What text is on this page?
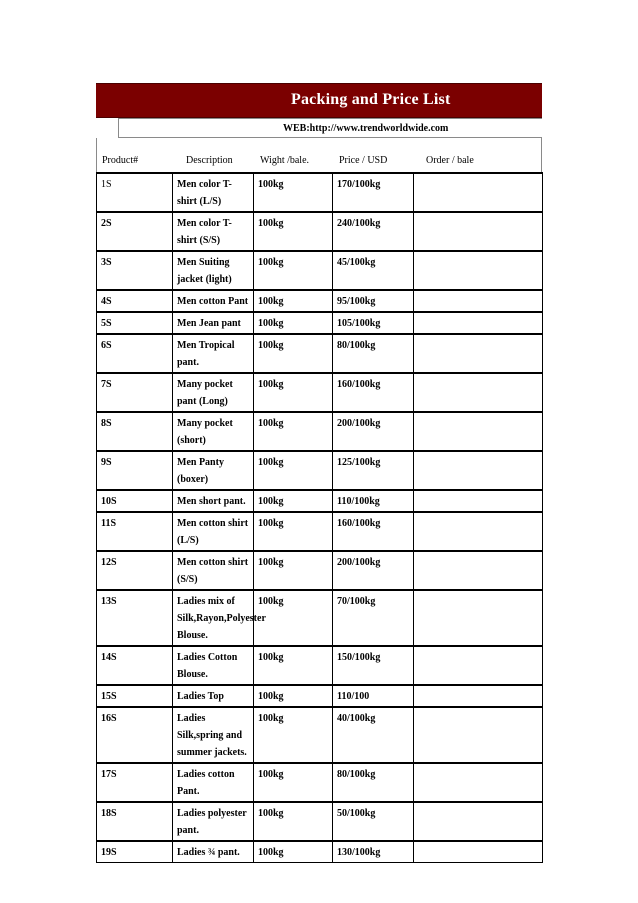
Packing and Price List
WEB:http://www.trendworldwide.com
Product#	Description	Wight /bale.	Price / USD	Order / bale
1S	Men color T-shirt (L/S)	100kg	170/100kg	
2S	Men color T-shirt (S/S)	100kg	240/100kg	
3S	Men Suiting jacket (light)	100kg	45/100kg	
4S	Men cotton Pant	100kg	95/100kg	
5S	Men Jean pant	100kg	105/100kg	
6S	Men Tropical pant.	100kg	80/100kg	
7S	Many pocket pant (Long)	100kg	160/100kg	
8S	Many pocket (short)	100kg	200/100kg	
9S	Men Panty (boxer)	100kg	125/100kg	
10S	Men short pant.	100kg	110/100kg	
11S	Men cotton shirt (L/S)	100kg	160/100kg	
12S	Men cotton shirt (S/S)	100kg	200/100kg	
13S	Ladies mix of Silk,Rayon,Polyester Blouse.	100kg	70/100kg	
14S	Ladies Cotton Blouse.	100kg	150/100kg	
15S	Ladies Top	100kg	110/100	
16S	Ladies Silk,spring and summer jackets.	100kg	40/100kg	
17S	Ladies cotton Pant.	100kg	80/100kg	
18S	Ladies polyester pant.	100kg	50/100kg	
19S	Ladies ¾ pant.	100kg	130/100kg	
